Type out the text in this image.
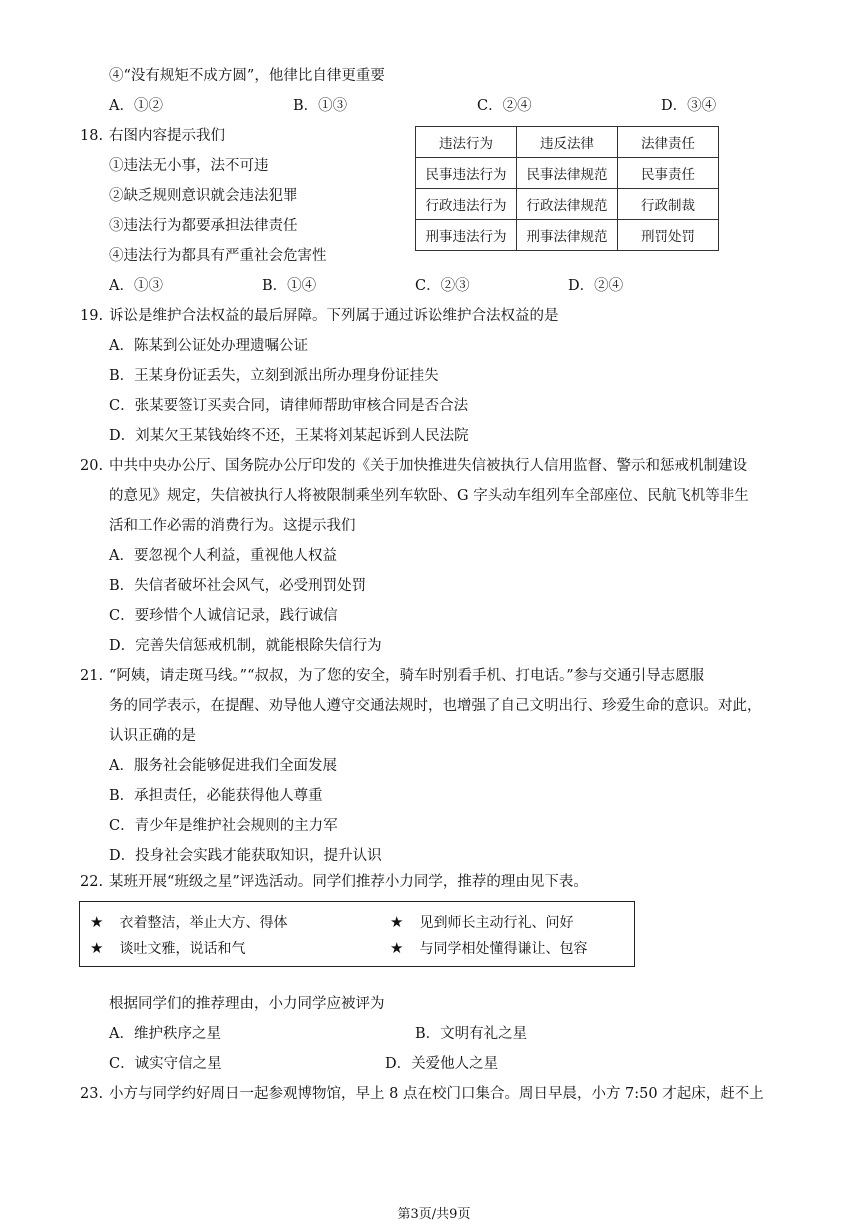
④“没有规矩不成方圆”，他律比自律更重要
A．①②	B．①③	C．②④	D．③④
18. 右图内容提示我们
①违法无小事，法不可违
②缺乏规则意识就会违法犯罪
③违法行为都要承担法律责任
④违法行为都具有严重社会危害性
违法行为	违反法律	法律责任
民事违法行为	民事法律规范	民事责任
行政违法行为	行政法律规范	行政制裁
刑事违法行为	刑事法律规范	刑罚处罚
A．①③	B．①④	C．②③	D．②④
19. 诉讼是维护合法权益的最后屏障。下列属于通过诉讼维护合法权益的是
A．陈某到公证处办理遗嘱公证
B．王某身份证丢失，立刻到派出所办理身份证挂失
C．张某要签订买卖合同，请律师帮助审核合同是否合法
D．刘某欠王某钱始终不还，王某将刘某起诉到人民法院
20. 中共中央办公厅、国务院办公厅印发的《关于加快推进失信被执行人信用监督、警示和惩戒机制建设
的意见》规定，失信被执行人将被限制乘坐列车软卧、G 字头动车组列车全部座位、民航飞机等非生
活和工作必需的消费行为。这提示我们
A．要忽视个人利益，重视他人权益
B．失信者破坏社会风气，必受刑罚处罚
C．要珍惜个人诚信记录，践行诚信
D．完善失信惩戒机制，就能根除失信行为
21. “阿姨，请走斑马线。”“叔叔，为了您的安全，骑车时别看手机、打电话。”参与交通引导志愿服
务的同学表示，在提醒、劝导他人遵守交通法规时，也增强了自己文明出行、珍爱生命的意识。对此，
认识正确的是
A．服务社会能够促进我们全面发展
B．承担责任，必能获得他人尊重
C．青少年是维护社会规则的主力军
D．投身社会实践才能获取知识，提升认识
22. 某班开展“班级之星”评选活动。同学们推荐小力同学，推荐的理由见下表。
★ 衣着整洁，举止大方、得体	★ 见到师长主动行礼、问好
★ 谈吐文雅，说话和气	★ 与同学相处懂得谦让、包容
根据同学们的推荐理由，小力同学应被评为
A．维护秩序之星	B．文明有礼之星
C．诚实守信之星	D．关爱他人之星
23. 小方与同学约好周日一起参观博物馆，早上 8 点在校门口集合。周日早晨，小方 7:50 才起床，赶不上
第3页/共9页
